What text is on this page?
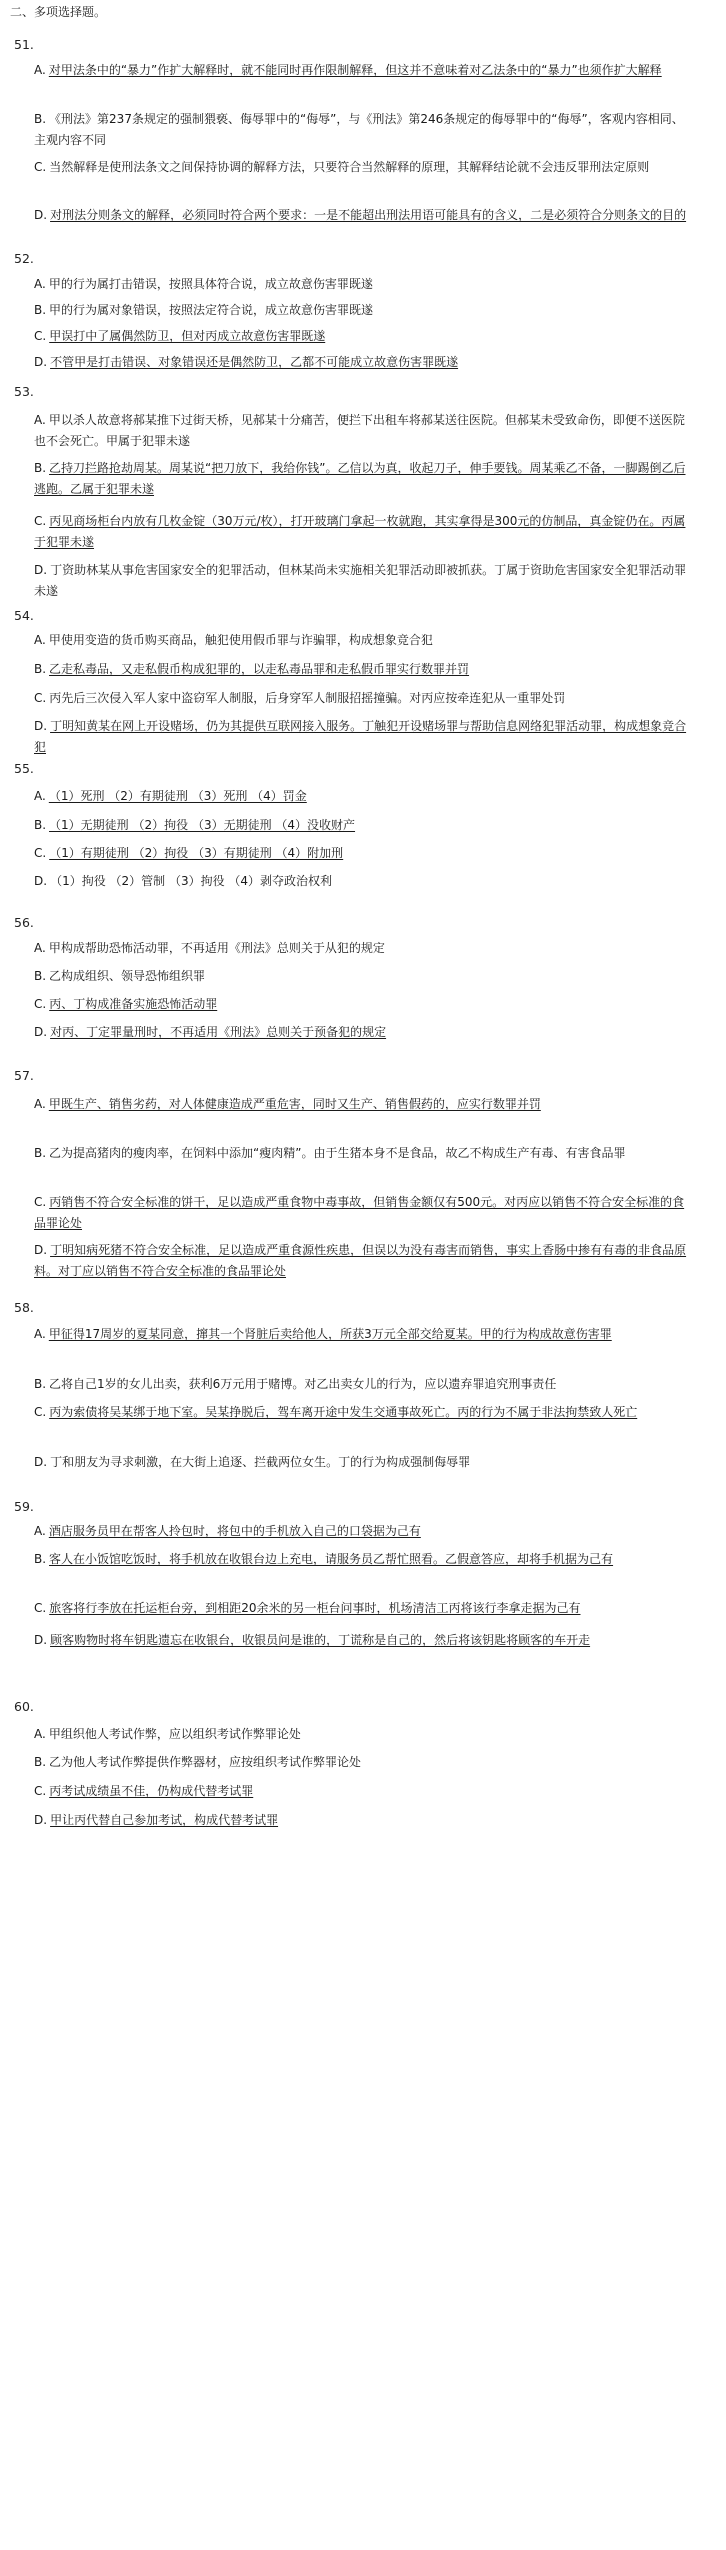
二、多项选择题。
51.
A. 对甲法条中的“暴力”作扩大解释时，就不能同时再作限制解释，但这并不意味着对乙法条中的“暴力”也须作扩大解释
B. 《刑法》第237条规定的强制猥亵、侮辱罪中的“侮辱”，与《刑法》第246条规定的侮辱罪中的“侮辱”，客观内容相同、主观内容不同
C. 当然解释是使刑法条文之间保持协调的解释方法，只要符合当然解释的原理，其解释结论就不会违反罪刑法定原则
D. 对刑法分则条文的解释，必须同时符合两个要求：一是不能超出刑法用语可能具有的含义，二是必须符合分则条文的目的
52.
A. 甲的行为属打击错误，按照具体符合说，成立故意伤害罪既遂
B. 甲的行为属对象错误，按照法定符合说，成立故意伤害罪既遂
C. 甲误打中了属偶然防卫，但对丙成立故意伤害罪既遂
D. 不管甲是打击错误、对象错误还是偶然防卫，乙都不可能成立故意伤害罪既遂
53.
A. 甲以杀人故意将郝某推下过街天桥，见郝某十分痛苦，便拦下出租车将郝某送往医院。但郝某未受致命伤，即便不送医院也不会死亡。甲属于犯罪未遂
B. 乙持刀拦路抢劫周某。周某说“把刀放下，我给你钱”。乙信以为真，收起刀子，伸手要钱。周某乘乙不备，一脚踢倒乙后逃跑。乙属于犯罪未遂
C. 丙见商场柜台内放有几枚金锭（30万元/枚），打开玻璃门拿起一枚就跑，其实拿得是300元的仿制品，真金锭仍在。丙属于犯罪未遂
D. 丁资助林某从事危害国家安全的犯罪活动，但林某尚未实施相关犯罪活动即被抓获。丁属于资助危害国家安全犯罪活动罪未遂
54.
A. 甲使用变造的货币购买商品，触犯使用假币罪与诈骗罪，构成想象竞合犯
B. 乙走私毒品，又走私假币构成犯罪的，以走私毒品罪和走私假币罪实行数罪并罚
C. 丙先后三次侵入军人家中盗窃军人制服，后身穿军人制服招摇撞骗。对丙应按牵连犯从一重罪处罚
D. 丁明知黄某在网上开设赌场，仍为其提供互联网接入服务。丁触犯开设赌场罪与帮助信息网络犯罪活动罪，构成想象竞合犯
55.
A. （1）死刑 （2）有期徒刑 （3）死刑 （4）罚金
B. （1）无期徒刑 （2）拘役 （3）无期徒刑 （4）没收财产
C. （1）有期徒刑 （2）拘役 （3）有期徒刑 （4）附加刑
D. （1）拘役 （2）管制 （3）拘役 （4）剥夺政治权利
56.
A. 甲构成帮助恐怖活动罪，不再适用《刑法》总则关于从犯的规定
B. 乙构成组织、领导恐怖组织罪
C. 丙、丁构成准备实施恐怖活动罪
D. 对丙、丁定罪量刑时，不再适用《刑法》总则关于预备犯的规定
57.
A. 甲既生产、销售劣药，对人体健康造成严重危害，同时又生产、销售假药的，应实行数罪并罚
B. 乙为提高猪肉的瘦肉率，在饲料中添加“瘦肉精”。由于生猪本身不是食品，故乙不构成生产有毒、有害食品罪
C. 丙销售不符合安全标准的饼干，足以造成严重食物中毒事故，但销售金额仅有500元。对丙应以销售不符合安全标准的食品罪论处
D. 丁明知病死猪不符合安全标准，足以造成严重食源性疾患，但误以为没有毒害而销售，事实上香肠中掺有有毒的非食品原料。对丁应以销售不符合安全标准的食品罪论处
58.
A. 甲征得17周岁的夏某同意，撺其一个肾脏后卖给他人，所获3万元全部交给夏某。甲的行为构成故意伤害罪
B. 乙将自己1岁的女儿出卖，获利6万元用于赌博。对乙出卖女儿的行为，应以遗弃罪追究刑事责任
C. 丙为索债将吴某绑于地下室。吴某挣脱后，驾车离开途中发生交通事故死亡。丙的行为不属于非法拘禁致人死亡
D. 丁和朋友为寻求刺激，在大街上追逐、拦截两位女生。丁的行为构成强制侮辱罪
59.
A. 酒店服务员甲在帮客人拎包时，将包中的手机放入自己的口袋据为己有
B. 客人在小饭馆吃饭时，将手机放在收银台边上充电，请服务员乙帮忙照看。乙假意答应，却将手机据为己有
C. 旅客将行李放在托运柜台旁，到相距20余米的另一柜台问事时，机场清洁工丙将该行李拿走据为己有
D. 顾客购物时将车钥匙遗忘在收银台，收银员问是谁的，丁谎称是自己的，然后将该钥匙将顾客的车开走
60.
A. 甲组织他人考试作弊，应以组织考试作弊罪论处
B. 乙为他人考试作弊提供作弊器材，应按组织考试作弊罪论处
C. 丙考试成绩虽不佳，仍构成代替考试罪
D. 甲让丙代替自己参加考试，构成代替考试罪
